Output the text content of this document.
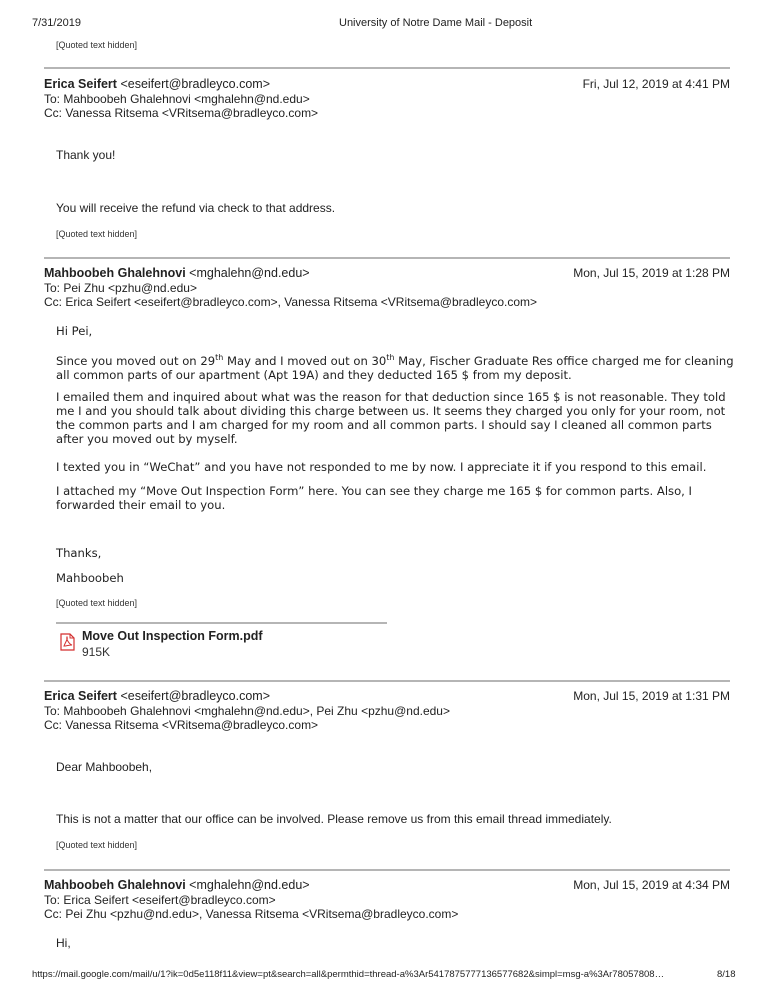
7/31/2019	University of Notre Dame Mail - Deposit
[Quoted text hidden]
Erica Seifert <eseifert@bradleyco.com>	Fri, Jul 12, 2019 at 4:41 PM
To: Mahboobeh Ghalehnovi <mghalehn@nd.edu>
Cc: Vanessa Ritsema <VRitsema@bradleyco.com>
Thank you!
You will receive the refund via check to that address.
[Quoted text hidden]
Mahboobeh Ghalehnovi <mghalehn@nd.edu>	Mon, Jul 15, 2019 at 1:28 PM
To: Pei Zhu <pzhu@nd.edu>
Cc: Erica Seifert <eseifert@bradleyco.com>, Vanessa Ritsema <VRitsema@bradleyco.com>
Hi Pei,
Since you moved out on 29th May and I moved out on 30th May, Fischer Graduate Res office charged me for cleaning all common parts of our apartment (Apt 19A) and they deducted 165 $ from my deposit.
I emailed them and inquired about what was the reason for that deduction since 165 $ is not reasonable. They told me I and you should talk about dividing this charge between us. It seems they charged you only for your room, not the common parts and I am charged for my room and all common parts. I should say I cleaned all common parts after you moved out by myself.
I texted you in “WeChat” and you have not responded to me by now. I appreciate it if you respond to this email.
I attached my “Move Out Inspection Form” here. You can see they charge me 165 $ for common parts. Also, I forwarded their email to you.
Thanks,
Mahboobeh
[Quoted text hidden]
Move Out Inspection Form.pdf
915K
Erica Seifert <eseifert@bradleyco.com>	Mon, Jul 15, 2019 at 1:31 PM
To: Mahboobeh Ghalehnovi <mghalehn@nd.edu>, Pei Zhu <pzhu@nd.edu>
Cc: Vanessa Ritsema <VRitsema@bradleyco.com>
Dear Mahboobeh,
This is not a matter that our office can be involved. Please remove us from this email thread immediately.
[Quoted text hidden]
Mahboobeh Ghalehnovi <mghalehn@nd.edu>	Mon, Jul 15, 2019 at 4:34 PM
To: Erica Seifert <eseifert@bradleyco.com>
Cc: Pei Zhu <pzhu@nd.edu>, Vanessa Ritsema <VRitsema@bradleyco.com>
Hi,
https://mail.google.com/mail/u/1?ik=0d5e118f11&view=pt&search=all&permthid=thread-a%3Ar5417875777136577682&simpl=msg-a%3Ar78057808…	8/18
